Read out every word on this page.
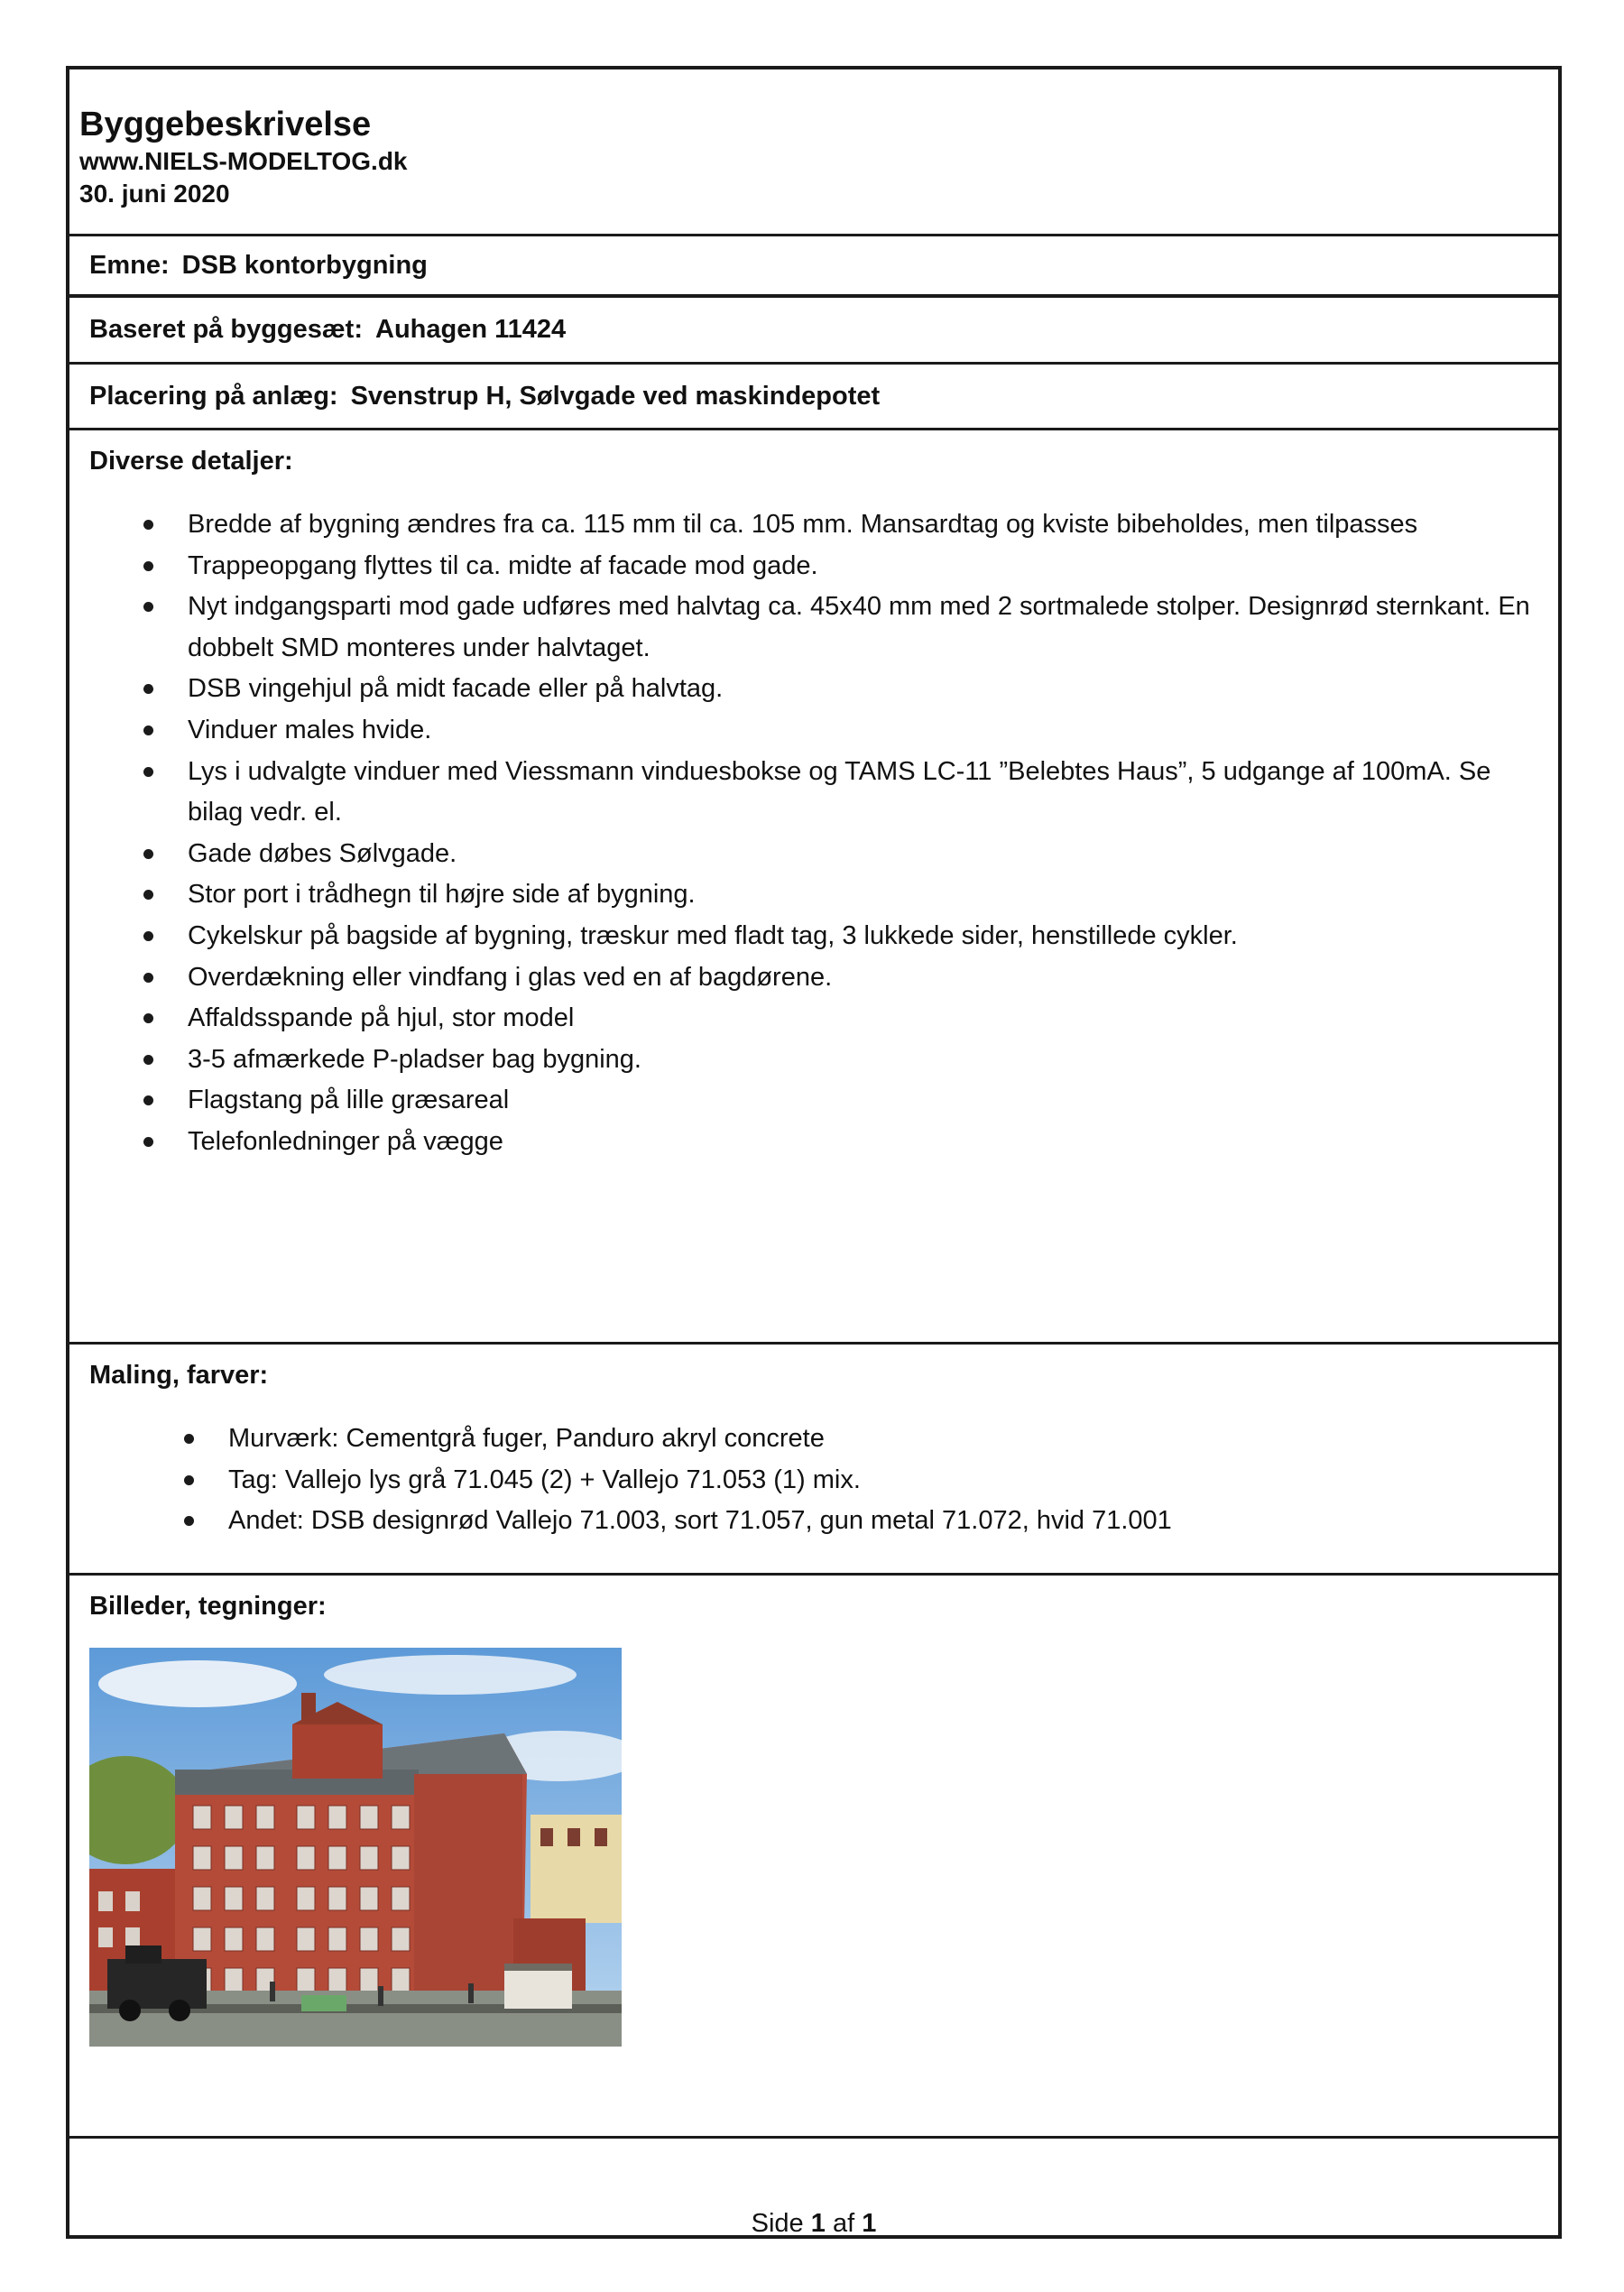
Byggebeskrivelse

www.NIELS-MODELTOG.dk

30. juni 2020

Emne: DSB kontorbygning
Baseret på byggesæt: Auhagen 11424
Placering på anlæg: Svenstrup H, Sølvgade ved maskindepotet

Diverse detaljer:

Bredde af bygning ændres fra ca. 115 mm til ca. 105 mm. Mansardtag og kviste bibeholdes, men tilpasses
Trappeopgang flyttes til ca. midte af facade mod gade.
Nyt indgangsparti mod gade udføres med halvtag ca. 45x40 mm med 2 sortmalede stolper. Designrød sternkant. En dobbelt SMD monteres under halvtaget.
DSB vingehjul på midt facade eller på halvtag.
Vinduer males hvide.
Lys i udvalgte vinduer med Viessmann vinduesbokse og TAMS LC-11 ”Belebtes Haus”, 5 udgange af 100mA. Se bilag vedr. el.
Gade døbes Sølvgade.
Stor port i trådhegn til højre side af bygning.
Cykelskur på bagside af bygning, træskur med fladt tag, 3 lukkede sider, henstillede cykler.
Overdækning eller vindfang i glas ved en af bagdørene.
Affaldsspande på hjul, stor model
3-5 afmærkede P-pladser bag bygning.
Flagstang på lille græsareal
Telefonledninger på vægge

Maling, farver:

Murværk: Cementgrå fuger, Panduro akryl concrete
Tag: Vallejo lys grå 71.045 (2) + Vallejo 71.053 (1) mix.
Andet: DSB designrød Vallejo 71.003, sort 71.057, gun metal 71.072, hvid 71.001

Billeder, tegninger:

Side 1 af 1
